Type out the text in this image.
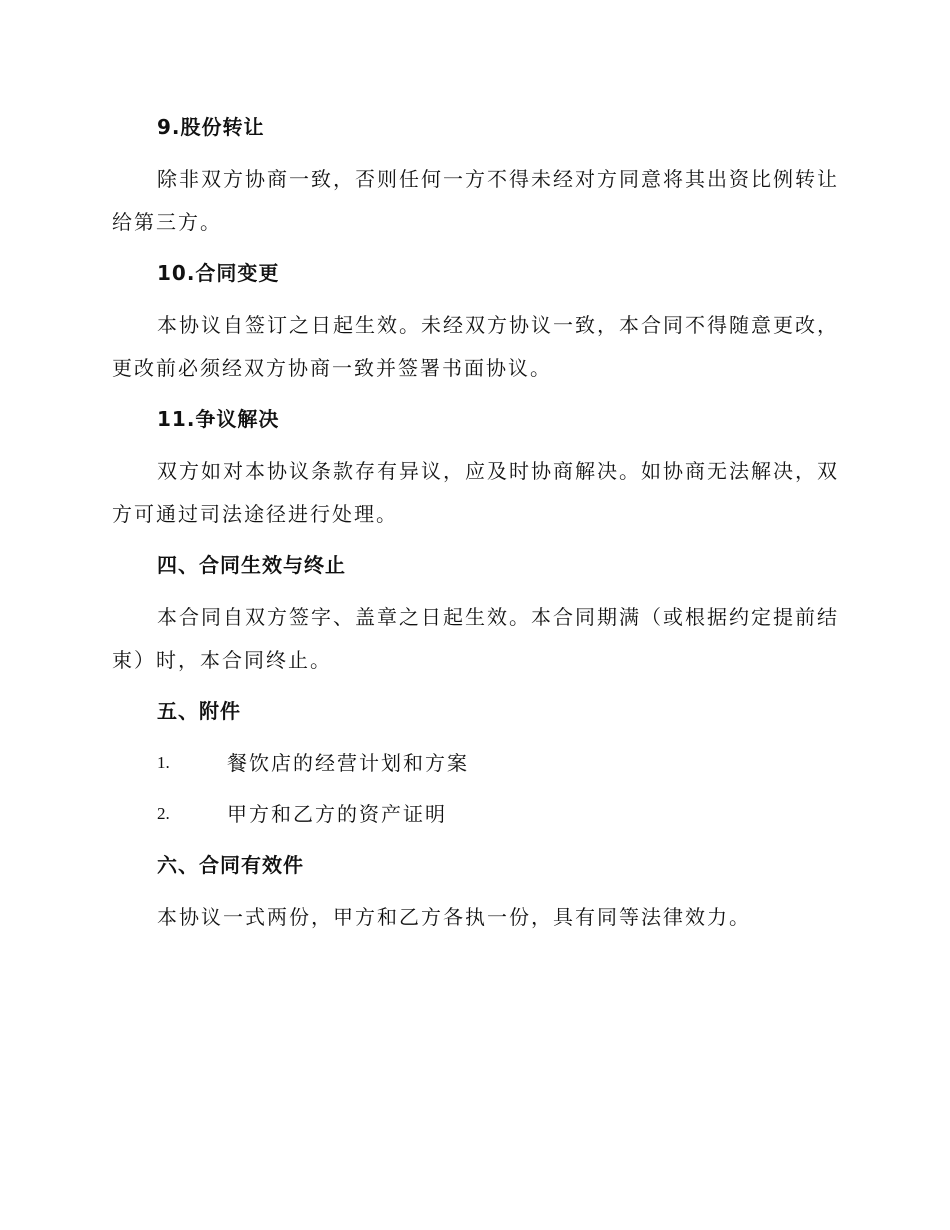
9.股份转让
除非双方协商一致，否则任何一方不得未经对方同意将其出资比例转让
给第三方。
10.合同变更
本协议自签订之日起生效。未经双方协议一致，本合同不得随意更改，
更改前必须经双方协商一致并签署书面协议。
11.争议解决
双方如对本协议条款存有异议，应及时协商解决。如协商无法解决，双
方可通过司法途径进行处理。
四、合同生效与终止
本合同自双方签字、盖章之日起生效。本合同期满（或根据约定提前结
束）时，本合同终止。
五、附件
1.	餐饮店的经营计划和方案
2.	甲方和乙方的资产证明
六、合同有效件
本协议一式两份，甲方和乙方各执一份，具有同等法律效力。
